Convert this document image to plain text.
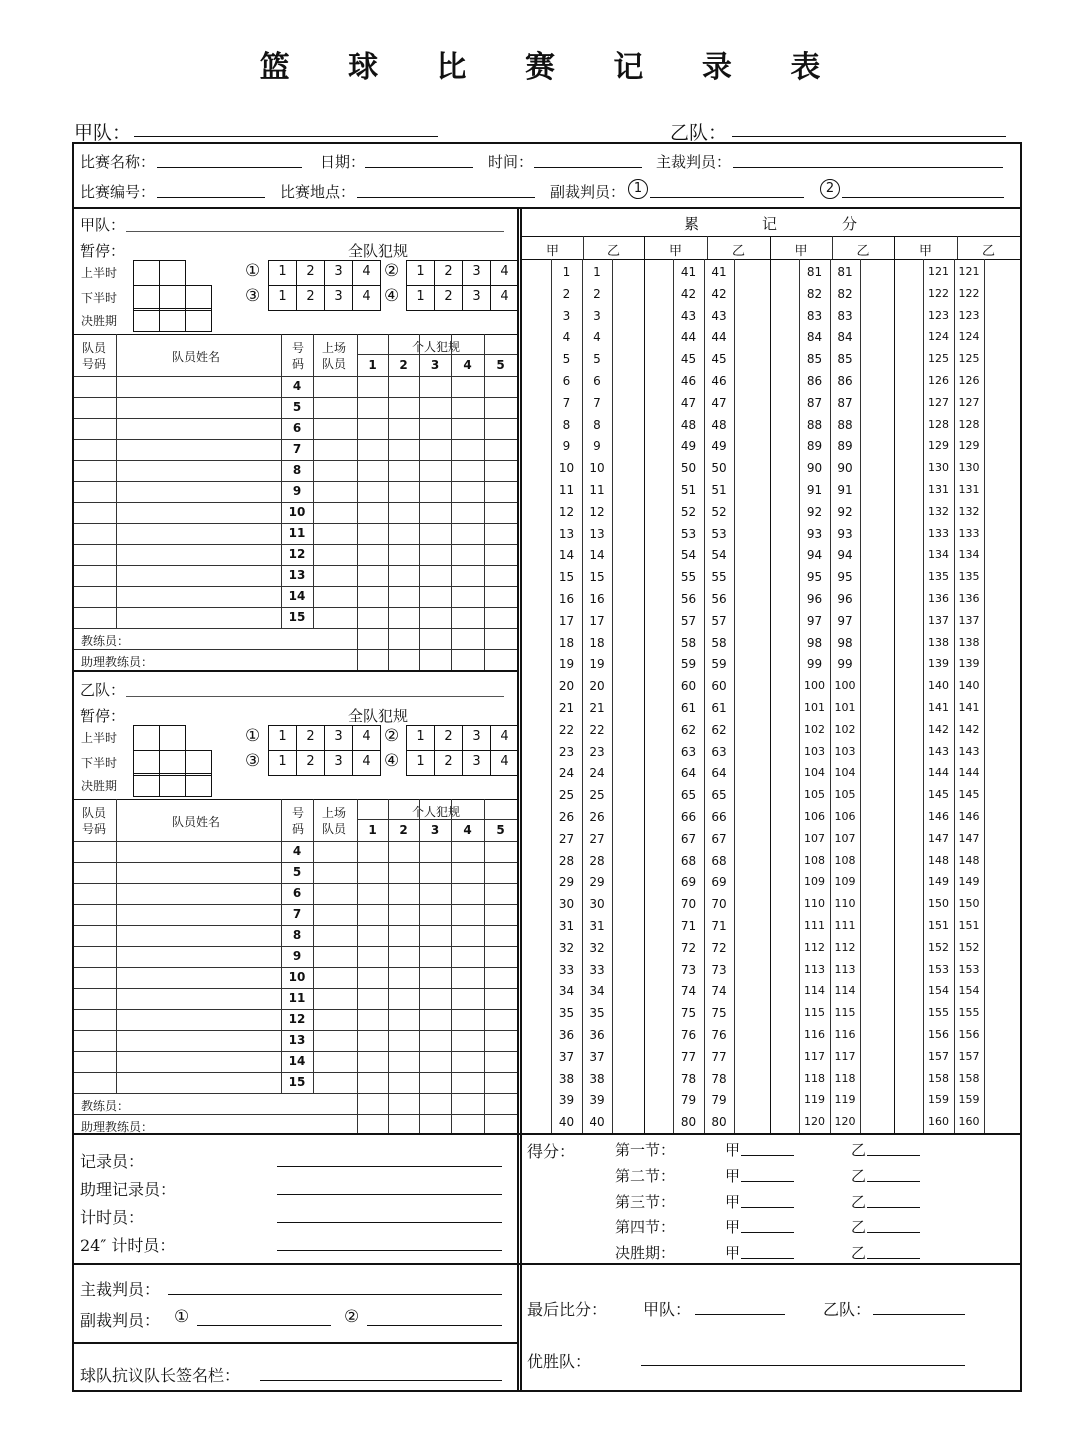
篮 球 比 赛 记 录 表
甲队：	乙队：
比赛名称：	日期：	时间：	主裁判员：
比赛编号：	比赛地点：	副裁判员： 1	2
甲队：
暂停：	全队犯规
上半时
下半时
决胜期
①	②
1	2	3	4	1	2	3	4
③	④
1	2	3	4	1	2	3	4
队员
号码	队员姓名
号
码
上场
队员
个人犯规
1	2	3	4	5
4
5
6
7
8
9
10
11
12
13
14
15
教练员：
助理教练员：
乙队：
暂停：	全队犯规
上半时
下半时
决胜期
①	②
1	2	3	4	1	2	3	4
③	④
1	2	3	4	1	2	3	4
队员
号码	队员姓名
号
码
上场
队员
个人犯规
1	2	3	4	5
4
5
6
7
8
9
10
11
12
13
14
15
教练员：
助理教练员：
累	记	分
甲	乙	甲	乙	甲	乙	甲	乙
1	1	41	41	81	81	121 121
2	2	42	42	82	82	122 122
3	3	43	43	83	83	123 123
4	4	44	44	84	84	124 124
5	5	45	45	85	85	125 125
6	6	46	46	86	86	126 126
7	7	47	47	87	87	127 127
8	8	48	48	88	88	128 128
9	9	49	49	89	89	129 129
10	10	50	50	90	90	130 130
11	11	51	51	91	91	131 131
12	12	52	52	92	92	132 132
13	13	53	53	93	93	133 133
14	14	54	54	94	94	134 134
15	15	55	55	95	95	135 135
16	16	56	56	96	96	136 136
17	17	57	57	97	97	137 137
18	18	58	58	98	98	138 138
19	19	59	59	99	99	139 139
20	20	60	60	100 100	140 140
21	21	61	61	101 101	141 141
22	22	62	62	102 102	142 142
23	23	63	63	103 103	143 143
24	24	64	64	104 104	144 144
25	25	65	65	105 105	145 145
26	26	66	66	106 106	146 146
27	27	67	67	107 107	147 147
28	28	68	68	108 108	148 148
29	29	69	69	109 109	149 149
30	30	70	70	110 110	150 150
31	31	71	71	111 111	151 151
32	32	72	72	112 112	152 152
33	33	73	73	113 113	153 153
34	34	74	74	114 114	154 154
35	35	75	75	115 115	155 155
36	36	76	76	116 116	156 156
37	37	77	77	117 117	157 157
38	38	78	78	118 118	158 158
39	39	79	79	119 119	159 159
40	40	80	80	120 120	160 160
记录员：
助理记录员：
计时员：
24″ 计时员：
主裁判员：
副裁判员： ①	②
球队抗议队长签名栏：
得分：	第一节：	甲	乙
第二节：	甲	乙
第三节：	甲	乙
第四节：	甲	乙
决胜期：	甲	乙
最后比分： 甲队：	乙队：
优胜队：
